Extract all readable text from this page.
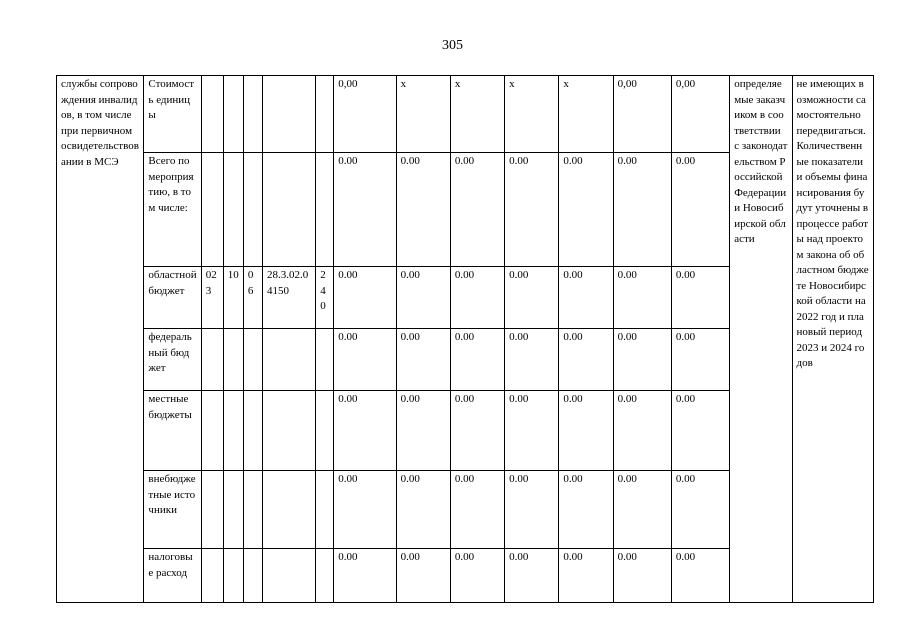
305
службы сопровождения инвалидов, в том числе при первичном освидетельствовании в МСЭ	Стоимость единицы						0,00	x	x	x	x	0,00	0,00	определяемые заказчиком в соответствии с законодательством Российской Федерации и Новосибирской области	не имеющих возможности самостоятельно передвигаться. Количественные показатели и объемы финансирования будут уточнены в процессе работы над проектом закона об областном бюджете Новосибирской области на 2022 год и плановый период 2023 и 2024 годов
	Всего по мероприятию, в том числе:						0.00	0.00	0.00	0.00	0.00	0.00	0.00		
	областной бюджет	023	10	06	28.3.02.04150	240	0.00	0.00	0.00	0.00	0.00	0.00	0.00		
	федеральный бюджет						0.00	0.00	0.00	0.00	0.00	0.00	0.00		
	местные бюджеты						0.00	0.00	0.00	0.00	0.00	0.00	0.00		
	внебюджетные источники						0.00	0.00	0.00	0.00	0.00	0.00	0.00		
	налоговые расход						0.00	0.00	0.00	0.00	0.00	0.00	0.00		
